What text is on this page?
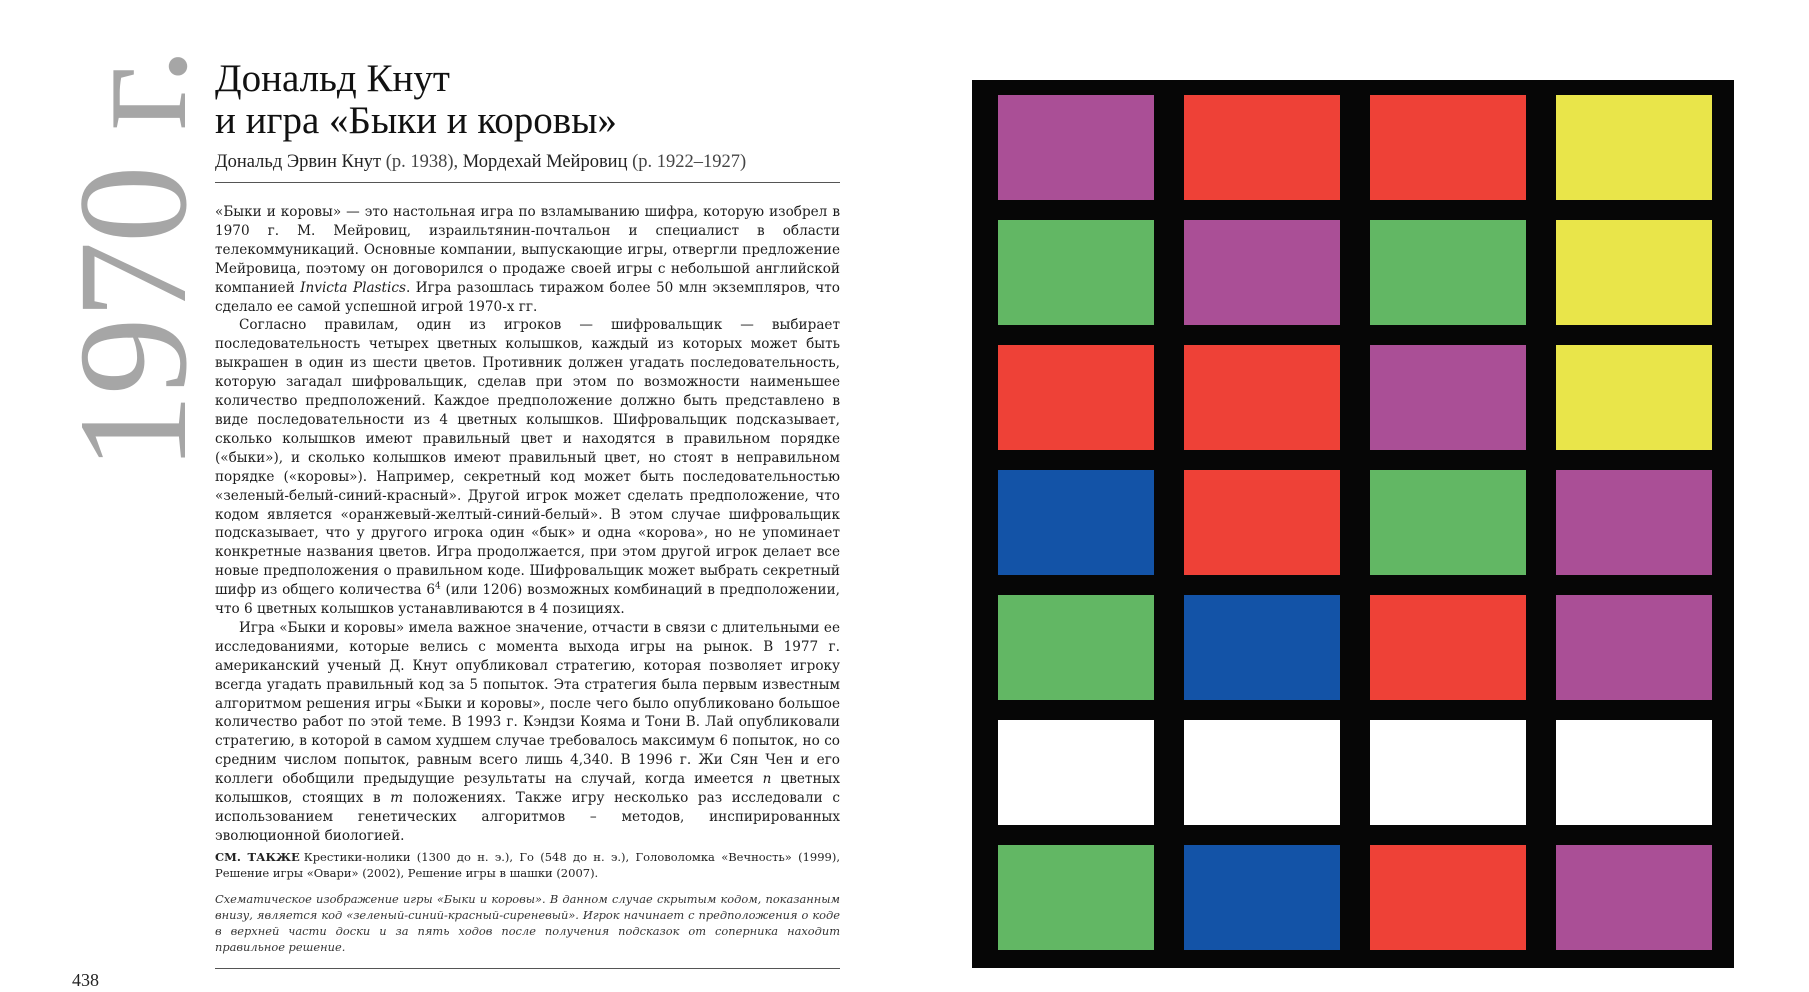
1970 г.
Дональд Кнут
и игра «Быки и коровы»
Дональд Эрвин Кнут (р. 1938), Мордехай Мейровиц (р. 1922–1927)

«Быки и коровы» — это настольная игра по взламыванию шифра, которую изобрел в 1970 г. М. Мейровиц, израильтянин-почтальон и специалист в области телекоммуникаций. Основные компании, выпускающие игры, отвергли предложение Мейровица, поэтому он договорился о продаже своей игры с небольшой английской компанией Invicta Plastics. Игра разошлась тиражом более 50 млн экземпляров, что сделало ее самой успешной игрой 1970-х гг.

Согласно правилам, один из игроков — шифровальщик — выбирает последовательность четырех цветных колышков, каждый из которых может быть выкрашен в один из шести цветов. Противник должен угадать последовательность, которую загадал шифровальщик, сделав при этом по возможности наименьшее количество предположений. Каждое предположение должно быть представлено в виде последовательности из 4 цветных колышков. Шифровальщик подсказывает, сколько колышков имеют правильный цвет и находятся в правильном порядке («быки»), и сколько колышков имеют правильный цвет, но стоят в неправильном порядке («коровы»). Например, секретный код может быть последовательностью «зеленый-белый-синий-красный». Другой игрок может сделать предположение, что кодом является «оранжевый-желтый-синий-белый». В этом случае шифровальщик подсказывает, что у другого игрока один «бык» и одна «корова», но не упоминает конкретные названия цветов. Игра продолжается, при этом другой игрок делает все новые предположения о правильном коде. Шифровальщик может выбрать секретный шифр из общего количества $6^4$ (или 1206) возможных комбинаций в предположении, что 6 цветных колышков устанавливаются в 4 позициях.

Игра «Быки и коровы» имела важное значение, отчасти в связи с длительными ее исследованиями, которые велись с момента выхода игры на рынок. В 1977 г. американский ученый Д. Кнут опубликовал стратегию, которая позволяет игроку всегда угадать правильный код за 5 попыток. Эта стратегия была первым известным алгоритмом решения игры «Быки и коровы», после чего было опубликовано большое количество работ по этой теме. В 1993 г. Кэндзи Кояма и Тони В. Лай опубликовали стратегию, в которой в самом худшем случае требовалось максимум 6 попыток, но со средним числом попыток, равным всего лишь 4,340. В 1996 г. Жи Сян Чен и его коллеги обобщили предыдущие результаты на случай, когда имеется n цветных колышков, стоящих в m положениях. Также игру несколько раз исследовали с использованием генетических алгоритмов – методов, инспирированных эволюционной биологией.

СМ. ТАКЖЕ Крестики-нолики (1300 до н. э.), Го (548 до н. э.), Головоломка «Вечность» (1999), Решение игры «Овари» (2002), Решение игры в шашки (2007).
Схематическое изображение игры «Быки и коровы». В данном случае скрытым кодом, показанным внизу, является код «зеленый-синий-красный-сиреневый». Игрок начинает с предположения о коде в верхней части доски и за пять ходов после получения подсказок от соперника находит правильное решение.
438
